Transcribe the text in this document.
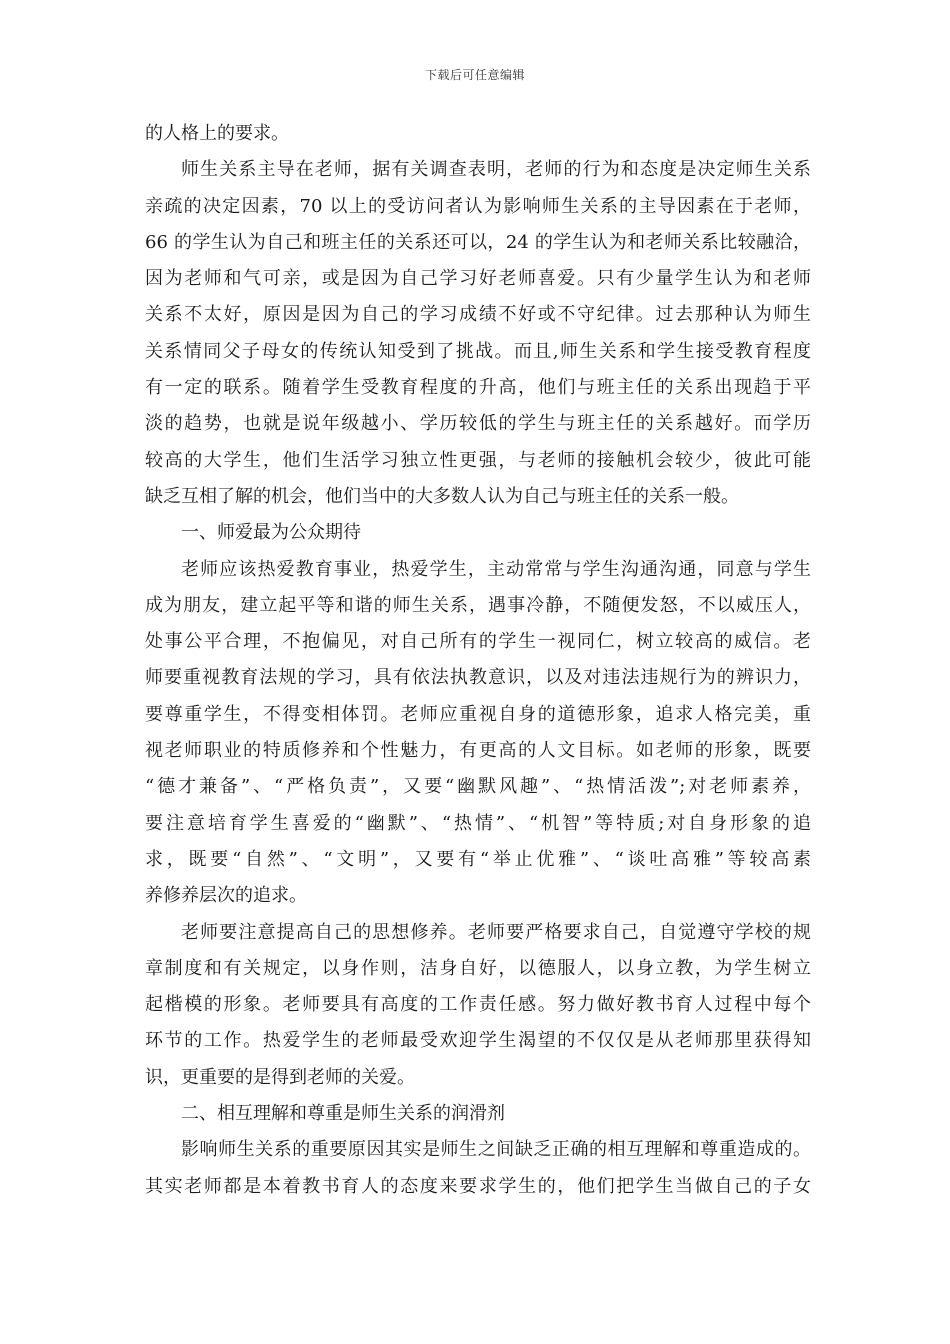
下载后可任意编辑
的人格上的要求。
师生关系主导在老师，据有关调查表明，老师的行为和态度是决定师生关系
亲疏的决定因素，70 以上的受访问者认为影响师生关系的主导因素在于老师，
66 的学生认为自己和班主任的关系还可以，24 的学生认为和老师关系比较融洽，
因为老师和气可亲，或是因为自己学习好老师喜爱。只有少量学生认为和老师
关系不太好，原因是因为自己的学习成绩不好或不守纪律。过去那种认为师生
关系情同父子母女的传统认知受到了挑战。而且,师生关系和学生接受教育程度
有一定的联系。随着学生受教育程度的升高，他们与班主任的关系出现趋于平
淡的趋势，也就是说年级越小、学历较低的学生与班主任的关系越好。而学历
较高的大学生，他们生活学习独立性更强，与老师的接触机会较少，彼此可能
缺乏互相了解的机会，他们当中的大多数人认为自己与班主任的关系一般。
一、师爱最为公众期待
老师应该热爱教育事业，热爱学生，主动常常与学生沟通沟通，同意与学生
成为朋友，建立起平等和谐的师生关系，遇事冷静，不随便发怒，不以威压人，
处事公平合理，不抱偏见，对自己所有的学生一视同仁，树立较高的威信。老
师要重视教育法规的学习，具有依法执教意识，以及对违法违规行为的辨识力，
要尊重学生，不得变相体罚。老师应重视自身的道德形象，追求人格完美，重
视老师职业的特质修养和个性魅力，有更高的人文目标。如老师的形象，既要
“德才兼备”、“严格负责”，又要“幽默风趣”、“热情活泼”;对老师素养，
要注意培育学生喜爱的“幽默”、“热情”、“机智”等特质;对自身形象的追
求，既要“自然”、“文明”，又要有“举止优雅”、“谈吐高雅”等较高素
养修养层次的追求。
老师要注意提高自己的思想修养。老师要严格要求自己，自觉遵守学校的规
章制度和有关规定，以身作则，洁身自好，以德服人，以身立教，为学生树立
起楷模的形象。老师要具有高度的工作责任感。努力做好教书育人过程中每个
环节的工作。热爱学生的老师最受欢迎学生渴望的不仅仅是从老师那里获得知
识，更重要的是得到老师的关爱。
二、相互理解和尊重是师生关系的润滑剂
影响师生关系的重要原因其实是师生之间缺乏正确的相互理解和尊重造成的。
其实老师都是本着教书育人的态度来要求学生的，他们把学生当做自己的子女
